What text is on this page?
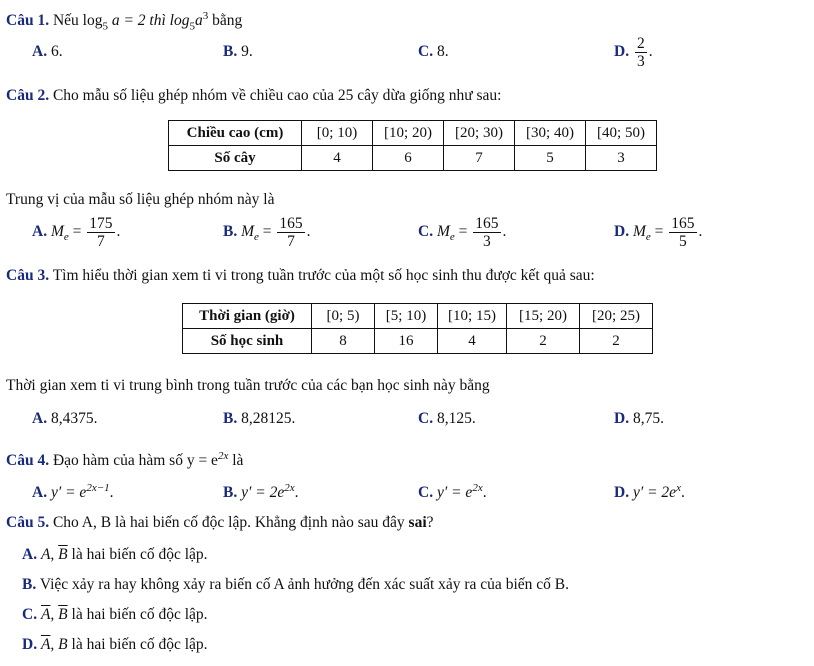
Câu 1. Nếu $\log_5 a = 2$ thì $\log_5a^3$ bằng
A. 6.	B. 9.	C. 8.	D. $\frac{2}{3}$ .
Câu 2. Cho mẫu số liệu ghép nhóm về chiều cao của 25 cây dừa giống như sau:
Chiều cao (cm)	[0; 10)	[10; 20)	[20; 30)	[30; 40)	[40; 50)
Số cây	4	6	7	5	3
Trung vị của mẫu số liệu ghép nhóm này là
A. $M_e = \frac{175}{7}$ .	B. $M_e = \frac{165}{7}$ .	C. $M_e = \frac{165}{3}$ .	D. $M_e = \frac{165}{5}$ .
Câu 3. Tìm hiểu thời gian xem ti vi trong tuần trước của một số học sinh thu được kết quả sau:
Thời gian (giờ)	[0; 5)	[5; 10)	[10; 15)	[15; 20)	[20; 25)
Số học sinh	8	16	4	2	2
Thời gian xem ti vi trung bình trong tuần trước của các bạn học sinh này bằng
A. 8,4375.	B. 8,28125.	C. 8,125.	D. 8,75.
Câu 4. Đạo hàm của hàm số $y = e^{2x}$ là
A. $y' = e^{2x-1}$.	B. $y' = 2e^{2x}$.	C. $y' = e^{2x}$.	D. $y' = 2e^x$.
Câu 5. Cho A, B là hai biến cố độc lập. Khẳng định nào sau đây sai?
A. A, $\overline{B}$ là hai biến cố độc lập.
B. Việc xảy ra hay không xảy ra biến cố A ảnh hưởng đến xác suất xảy ra của biến cố B.
C. $\overline{A}$, $\overline{B}$ là hai biến cố độc lập.
D. $\overline{A}$, B là hai biến cố độc lập.
